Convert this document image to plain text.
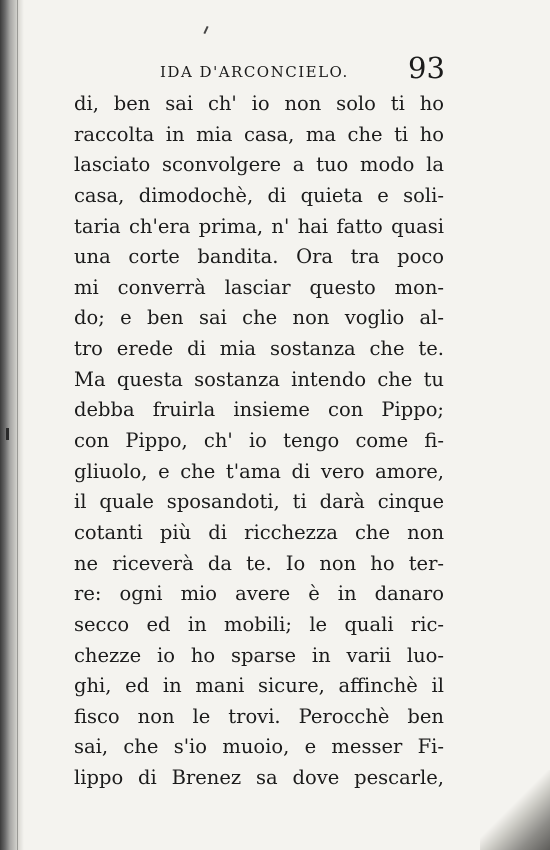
IDA D'ARCONCIELO. 93
di, ben sai ch' io non solo ti ho
raccolta in mia casa, ma che ti ho
lasciato sconvolgere a tuo modo la
casa, dimodochè, di quieta e soli-
taria ch'era prima, n' hai fatto quasi
una corte bandita. Ora tra poco
mi converrà lasciar questo mon-
do; e ben sai che non voglio al-
tro erede di mia sostanza che te.
Ma questa sostanza intendo che tu
debba fruirla insieme con Pippo;
con Pippo, ch' io tengo come fi-
gliuolo, e che t'ama di vero amore,
il quale sposandoti, ti darà cinque
cotanti più di ricchezza che non
ne riceverà da te. Io non ho ter-
re: ogni mio avere è in danaro
secco ed in mobili; le quali ric-
chezze io ho sparse in varii luo-
ghi, ed in mani sicure, affinchè il
fisco non le trovi. Perocchè ben
sai, che s'io muoio, e messer Fi-
lippo di Brenez sa dove pescarle,
